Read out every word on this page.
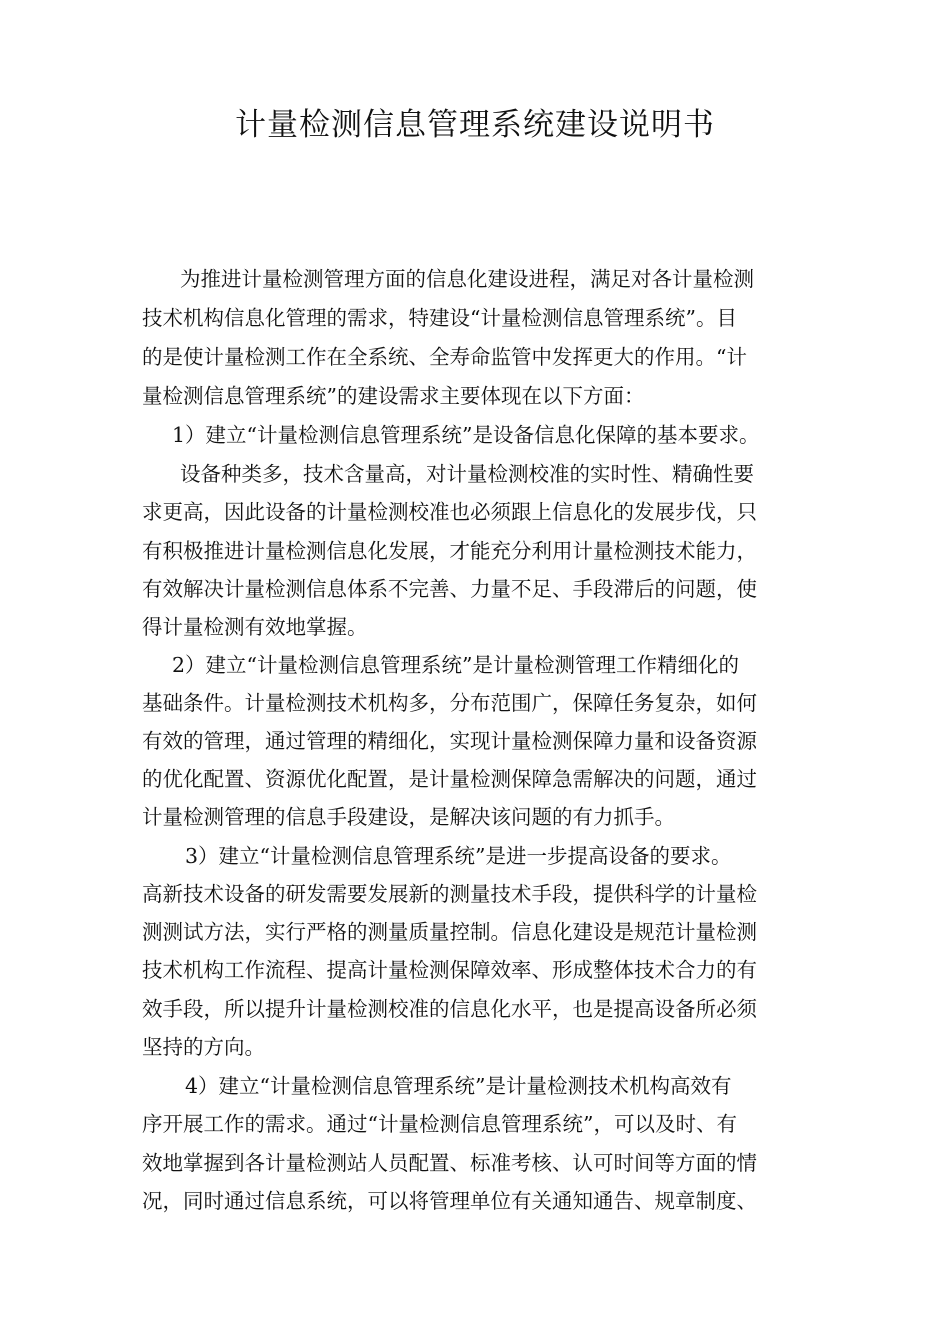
计量检测信息管理系统建设说明书
为推进计量检测管理方面的信息化建设进程，满足对各计量检测
技术机构信息化管理的需求，特建设“计量检测信息管理系统”。目
的是使计量检测工作在全系统、全寿命监管中发挥更大的作用。“计
量检测信息管理系统”的建设需求主要体现在以下方面：
1）建立“计量检测信息管理系统”是设备信息化保障的基本要求。
设备种类多，技术含量高，对计量检测校准的实时性、精确性要
求更高，因此设备的计量检测校准也必须跟上信息化的发展步伐，只
有积极推进计量检测信息化发展，才能充分利用计量检测技术能力，
有效解决计量检测信息体系不完善、力量不足、手段滞后的问题，使
得计量检测有效地掌握。
2）建立“计量检测信息管理系统”是计量检测管理工作精细化的
基础条件。计量检测技术机构多，分布范围广，保障任务复杂，如何
有效的管理，通过管理的精细化，实现计量检测保障力量和设备资源
的优化配置、资源优化配置，是计量检测保障急需解决的问题，通过
计量检测管理的信息手段建设，是解决该问题的有力抓手。
3）建立“计量检测信息管理系统”是进一步提高设备的要求。
高新技术设备的研发需要发展新的测量技术手段，提供科学的计量检
测测试方法，实行严格的测量质量控制。信息化建设是规范计量检测
技术机构工作流程、提高计量检测保障效率、形成整体技术合力的有
效手段，所以提升计量检测校准的信息化水平，也是提高设备所必须
坚持的方向。
4）建立“计量检测信息管理系统”是计量检测技术机构高效有
序开展工作的需求。通过“计量检测信息管理系统”，可以及时、有
效地掌握到各计量检测站人员配置、标准考核、认可时间等方面的情
况，同时通过信息系统，可以将管理单位有关通知通告、规章制度、
